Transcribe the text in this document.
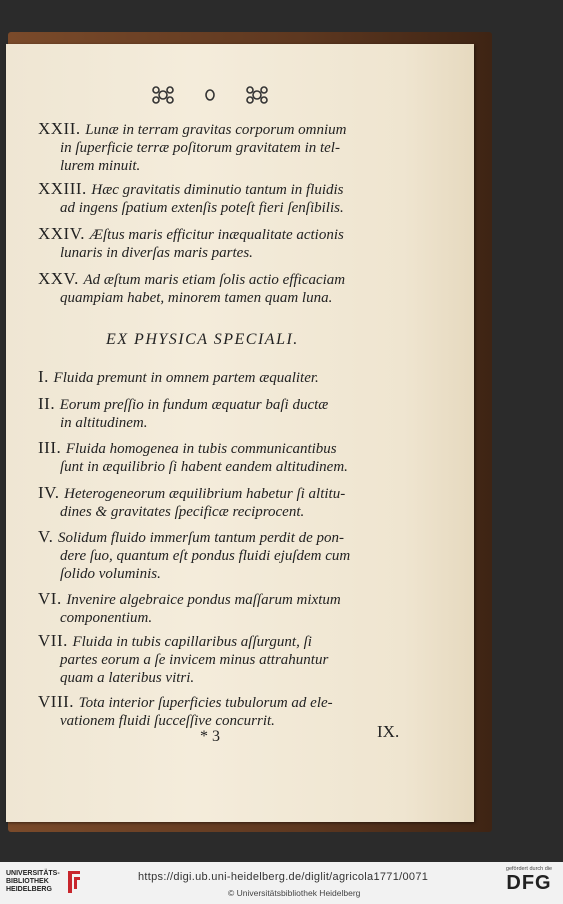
XXII. Lunæ in terram gravitas corporum omnium
in ſuperficie terræ poſitorum gravitatem in tel-
lurem minuit.
XXIII. Hæc gravitatis diminutio tantum in fluidis
ad ingens ſpatium extenſis poteſt fieri ſenſibilis.
XXIV. Æſtus maris efficitur inæqualitate actionis
lunaris in diverſas maris partes.
XXV. Ad æſtum maris etiam ſolis actio efficaciam
quampiam habet, minorem tamen quam luna.
I. Fluida premunt in omnem partem æqualiter.
II. Eorum preſſio in fundum æquatur baſi ductæ
in altitudinem.
III. Fluida homogenea in tubis communicantibus
ſunt in æquilibrio ſi habent eandem altitudinem.
IV. Heterogeneorum æquilibrium habetur ſi altitu-
dines & gravitates ſpecificæ reciprocent.
V. Solidum fluido immerſum tantum perdit de pon-
dere ſuo, quantum eſt pondus fluidi ejuſdem cum
ſolido voluminis.
VI. Invenire algebraice pondus maſſarum mixtum
componentium.
VII. Fluida in tubis capillaribus aſſurgunt, ſi
partes eorum a ſe invicem minus attrahuntur
quam a lateribus vitri.
VIII. Tota interior ſuperficies tubulorum ad ele-
vationem fluidi ſucceſſive concurrit.
EX PHYSICA SPECIALI.
* 3	IX.
UNIVERSITÄTS-
BIBLIOTHEK
HEIDELBERG
https://digi.ub.uni-heidelberg.de/diglit/agricola1771/0071
© Universitätsbibliothek Heidelberg
gefördert durch die
DFG
